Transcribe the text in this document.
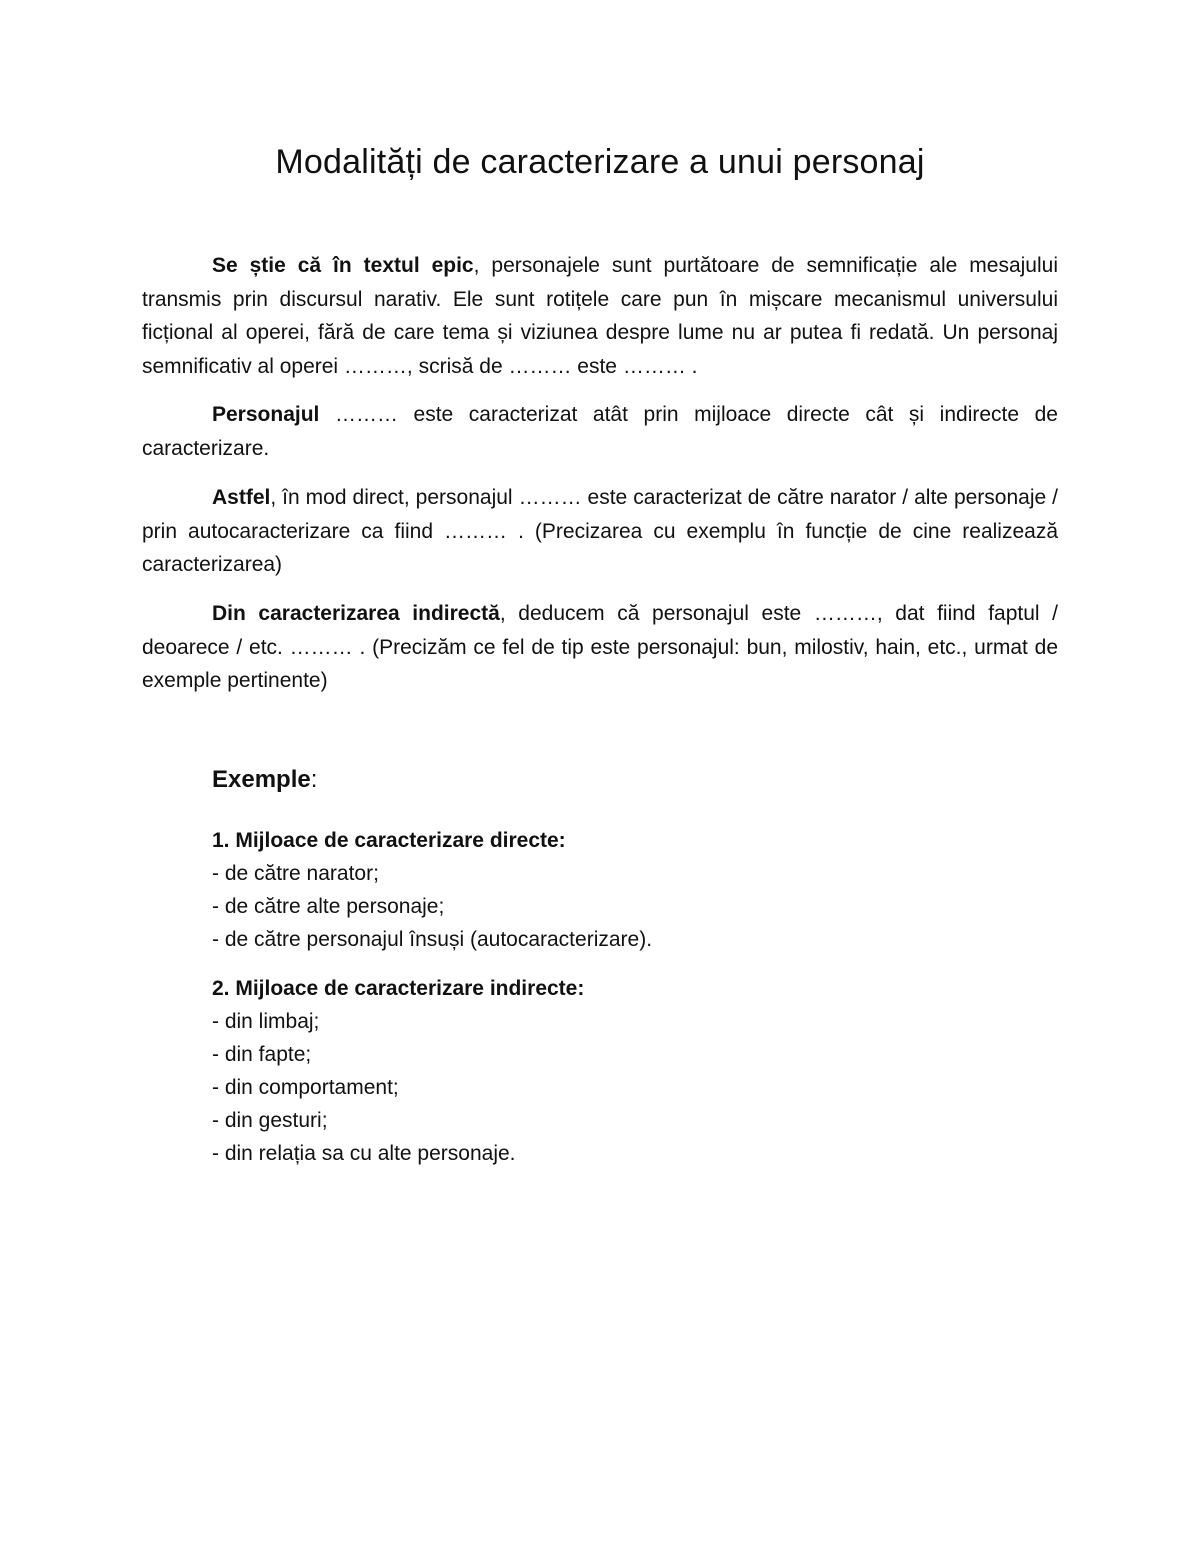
Modalități de caracterizare a unui personaj

Se știe că în textul epic, personajele sunt purtătoare de semnificație ale mesajului transmis prin discursul narativ. Ele sunt rotițele care pun în mișcare mecanismul universului ficțional al operei, fără de care tema și viziunea despre lume nu ar putea fi redată. Un personaj semnificativ al operei ………, scrisă de ……… este ……… .

Personajul ……… este caracterizat atât prin mijloace directe cât și indirecte de caracterizare.

Astfel, în mod direct, personajul ……… este caracterizat de către narator / alte personaje / prin autocaracterizare ca fiind ……… . (Precizarea cu exemplu în funcție de cine realizează caracterizarea)

Din caracterizarea indirectă, deducem că personajul este ………, dat fiind faptul / deoarece / etc. ……… . (Precizăm ce fel de tip este personajul: bun, milostiv, hain, etc., urmat de exemple pertinente)

Exemple:

1. Mijloace de caracterizare directe:

- de către narator;
- de către alte personaje;
- de către personajul însuși (autocaracterizare).

2. Mijloace de caracterizare indirecte:

- din limbaj;
- din fapte;
- din comportament;
- din gesturi;
- din relația sa cu alte personaje.
